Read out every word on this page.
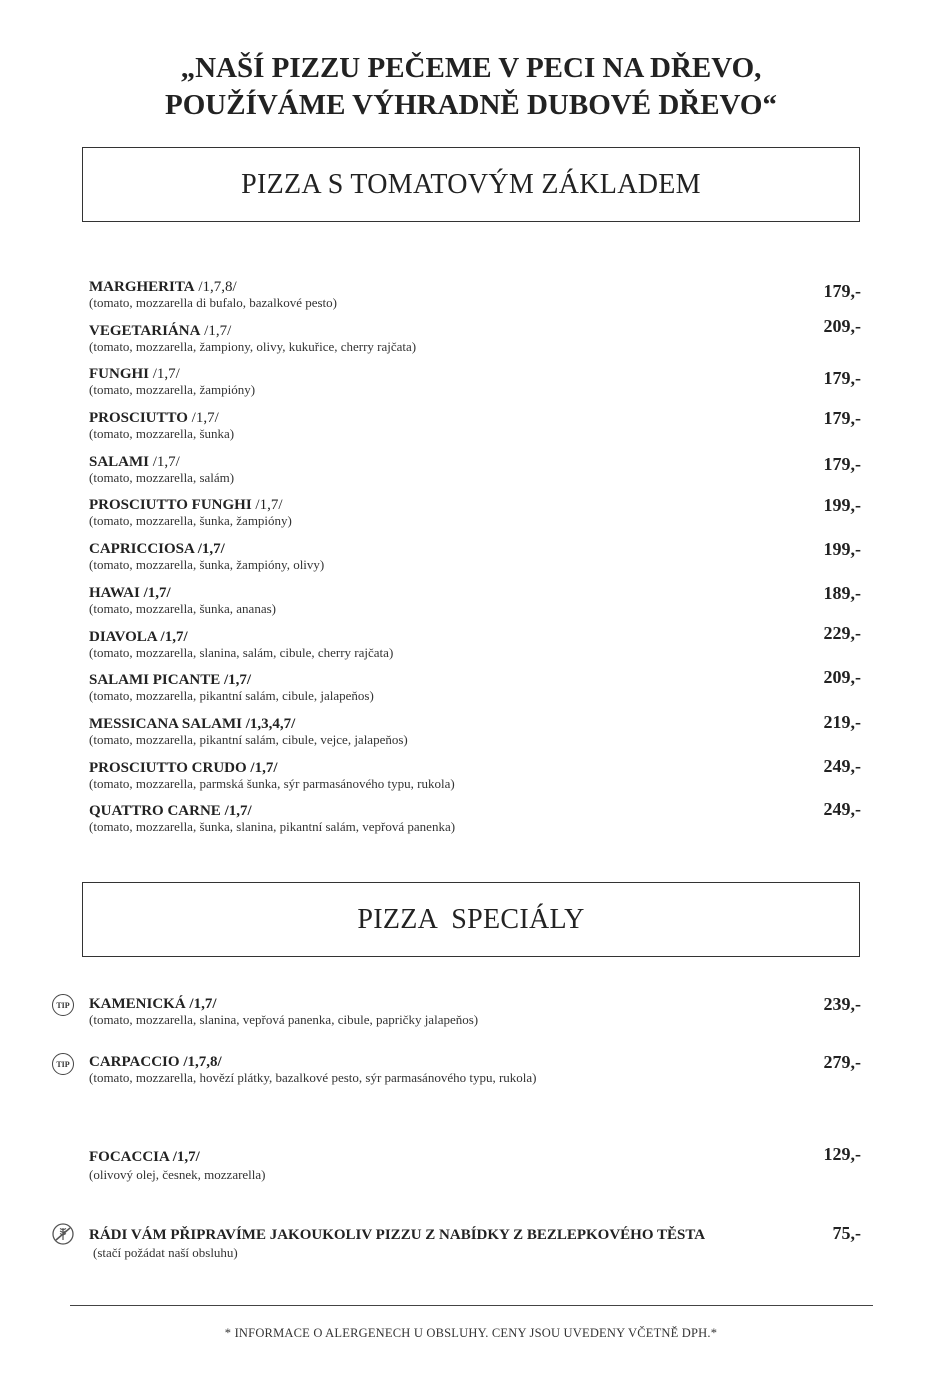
„NAŠÍ PIZZU PEČEME V PECI NA DŘEVO,
POUŽÍVÁME VÝHRADNĚ DUBOVÉ DŘEVO“
PIZZA S TOMATOVÝM ZÁKLADEM
MARGHERITA /1,7,8/
(tomato, mozzarella di bufalo, bazalkové pesto)
179,-
VEGETARIÁNA /1,7/
(tomato, mozzarella, žampiony, olivy, kukuřice, cherry rajčata)
209,-
FUNGHI /1,7/
(tomato, mozzarella, žampióny)
179,-
PROSCIUTTO /1,7/
(tomato, mozzarella, šunka)
179,-
SALAMI /1,7/
(tomato, mozzarella, salám)
179,-
PROSCIUTTO FUNGHI /1,7/
(tomato, mozzarella, šunka, žampióny)
199,-
CAPRICCIOSA /1,7/
(tomato, mozzarella, šunka, žampióny, olivy)
199,-
HAWAI /1,7/
(tomato, mozzarella, šunka, ananas)
189,-
DIAVOLA /1,7/
(tomato, mozzarella, slanina, salám, cibule, cherry rajčata)
229,-
SALAMI PICANTE /1,7/
(tomato, mozzarella, pikantní salám, cibule, jalapeňos)
209,-
MESSICANA SALAMI /1,3,4,7/
(tomato, mozzarella, pikantní salám, cibule, vejce, jalapeňos)
219,-
PROSCIUTTO CRUDO /1,7/
(tomato, mozzarella, parmská šunka, sýr parmasánového typu, rukola)
249,-
QUATTRO CARNE /1,7/
(tomato, mozzarella, šunka, slanina, pikantní salám, vepřová panenka)
249,-
PIZZA  SPECIÁLY
TIP KAMENICKÁ /1,7/
(tomato, mozzarella, slanina, vepřová panenka, cibule, papričky jalapeňos)
239,-
TIP CARPACCIO /1,7,8/
(tomato, mozzarella, hovězí plátky, bazalkové pesto, sýr parmasánového typu, rukola)
279,-
FOCACCIA /1,7/
(olivový olej, česnek, mozzarella)
129,-
RÁDI VÁM PŘIPRAVÍME JAKOUKOLIV PIZZU Z NABÍDKY Z BEZLEPKOVÉHO TĚSTA
(stačí požádat naší obsluhu)
75,-
* INFORMACE O ALERGENECH U OBSLUHY. CENY JSOU UVEDENY VČETNĚ DPH.*
